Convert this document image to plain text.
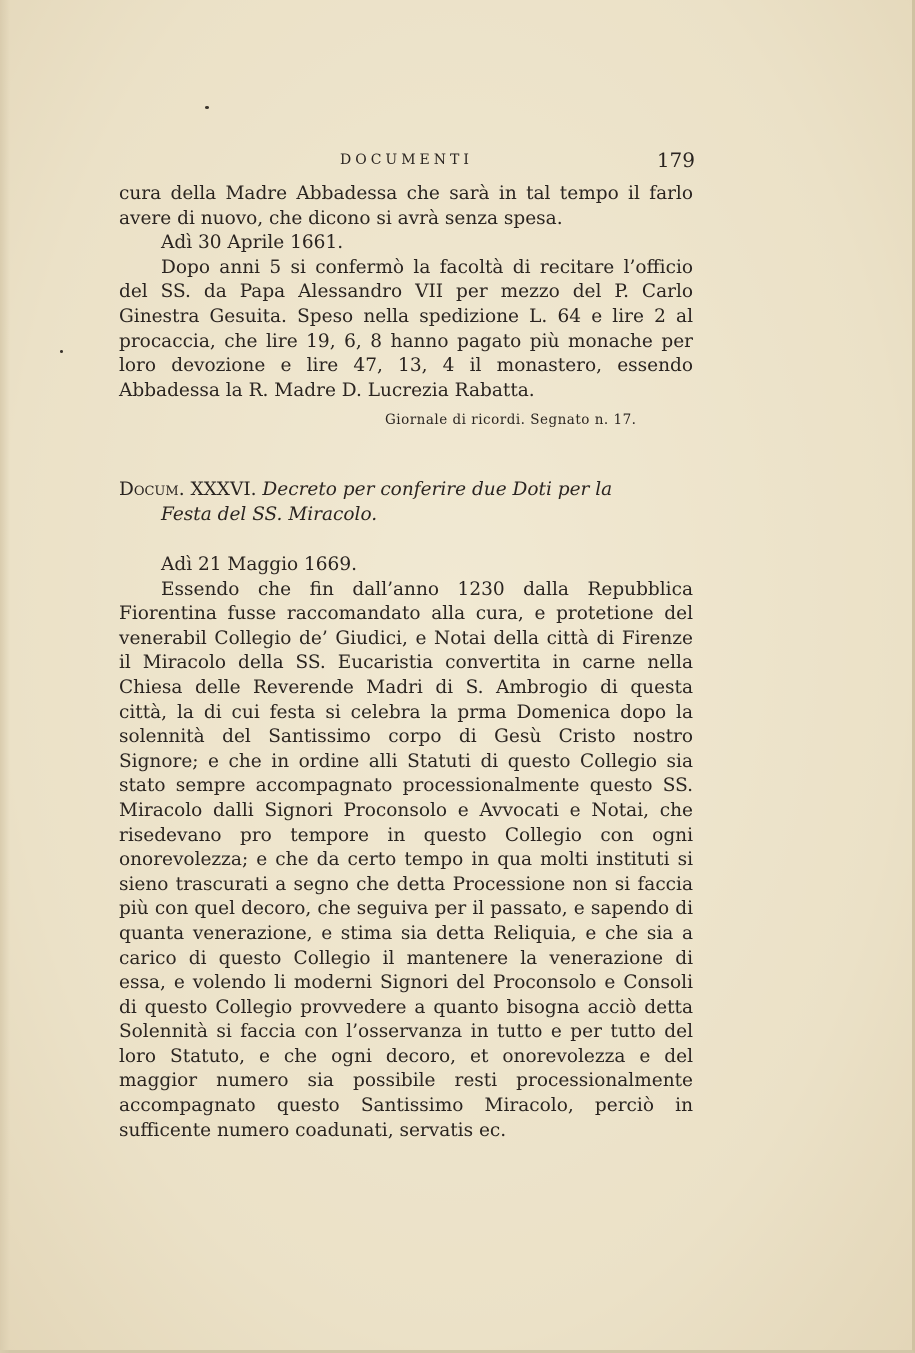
DOCUMENTI	179

cura della Madre Abbadessa che sarà in tal tempo il farlo avere di nuovo, che dicono si avrà senza spesa.

Adì 30 Aprile 1661.

Dopo anni 5 si confermò la facoltà di recitare l’officio del SS. da Papa Alessandro VII per mezzo del P. Carlo Ginestra Gesuita. Speso nella spedizione L. 64 e lire 2 al procaccia, che lire 19, 6, 8 hanno pagato più monache per loro devozione e lire 47, 13, 4 il monastero, essendo Abbadessa la R. Madre D. Lucrezia Rabatta.

Giornale di ricordi. Segnato n. 17.
Docum. XXXVI. Decreto per conferire due Doti per la
Festa del SS. Miracolo.

Adì 21 Maggio 1669.

Essendo che fin dall’anno 1230 dalla Repubblica Fiorentina fusse raccomandato alla cura, e protetione del venerabil Collegio de’ Giudici, e Notai della città di Firenze il Miracolo della SS. Eucaristia convertita in carne nella Chiesa delle Reverende Madri di S. Ambrogio di questa città, la di cui festa si celebra la prma Domenica dopo la solennità del Santissimo corpo di Gesù Cristo nostro Signore; e che in ordine alli Statuti di questo Collegio sia stato sempre accompagnato processionalmente questo SS. Miracolo dalli Signori Proconsolo e Avvocati e Notai, che risedevano pro tempore in questo Collegio con ogni onorevolezza; e che da certo tempo in qua molti instituti si sieno trascurati a segno che detta Processione non si faccia più con quel decoro, che seguiva per il passato, e sapendo di quanta venerazione, e stima sia detta Reliquia, e che sia a carico di questo Collegio il mantenere la venerazione di essa, e volendo li moderni Signori del Proconsolo e Consoli di questo Collegio provvedere a quanto bisogna acciò detta Solennità si faccia con l’osservanza in tutto e per tutto del loro Statuto, e che ogni decoro, et onorevolezza e del maggior numero sia possibile resti processionalmente accompagnato questo Santissimo Miracolo, perciò in sufficente numero coadunati, servatis ec.
